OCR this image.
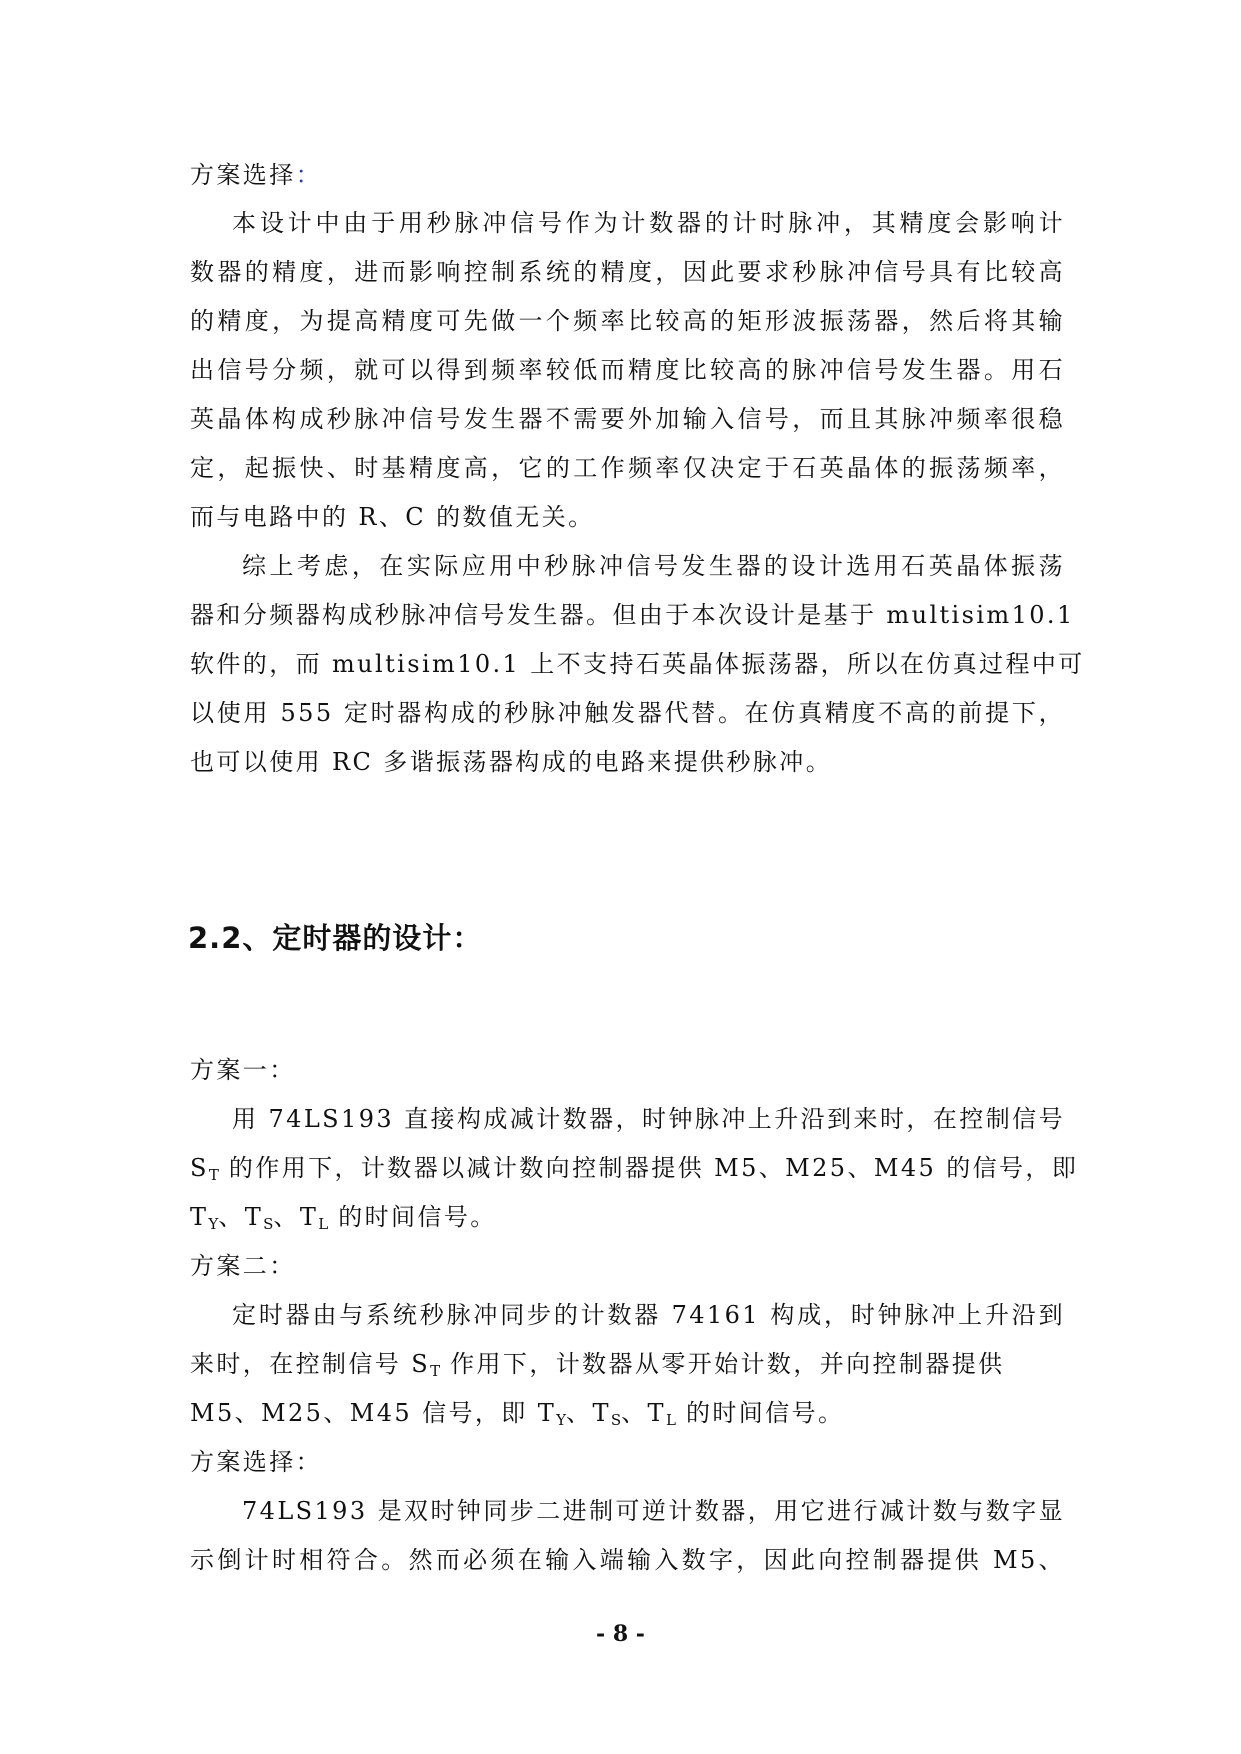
方案选择：
本设计中由于用秒脉冲信号作为计数器的计时脉冲，其精度会影响计
数器的精度，进而影响控制系统的精度，因此要求秒脉冲信号具有比较高
的精度，为提高精度可先做一个频率比较高的矩形波振荡器，然后将其输
出信号分频，就可以得到频率较低而精度比较高的脉冲信号发生器。用石
英晶体构成秒脉冲信号发生器不需要外加输入信号，而且其脉冲频率很稳
定，起振快、时基精度高，它的工作频率仅决定于石英晶体的振荡频率，
而与电路中的 R、C 的数值无关。
综上考虑，在实际应用中秒脉冲信号发生器的设计选用石英晶体振荡
器和分频器构成秒脉冲信号发生器。但由于本次设计是基于 multisim10.1
软件的，而 multisim10.1 上不支持石英晶体振荡器，所以在仿真过程中可
以使用 555 定时器构成的秒脉冲触发器代替。在仿真精度不高的前提下，
也可以使用 RC 多谐振荡器构成的电路来提供秒脉冲。
2.2、定时器的设计：
方案一：
用 74LS193 直接构成减计数器，时钟脉冲上升沿到来时，在控制信号
$S_T$ 的作用下，计数器以减计数向控制器提供 M5、M25、M45 的信号，即
$T_Y$、$T_S$、$T_L$ 的时间信号。
方案二：
定时器由与系统秒脉冲同步的计数器 74161 构成，时钟脉冲上升沿到
来时，在控制信号 $S_T$ 作用下，计数器从零开始计数，并向控制器提供
M5、M25、M45 信号，即 $T_Y$、$T_S$、$T_L$ 的时间信号。
方案选择：
74LS193 是双时钟同步二进制可逆计数器，用它进行减计数与数字显
示倒计时相符合。然而必须在输入端输入数字，因此向控制器提供 M5、
- 8 -
